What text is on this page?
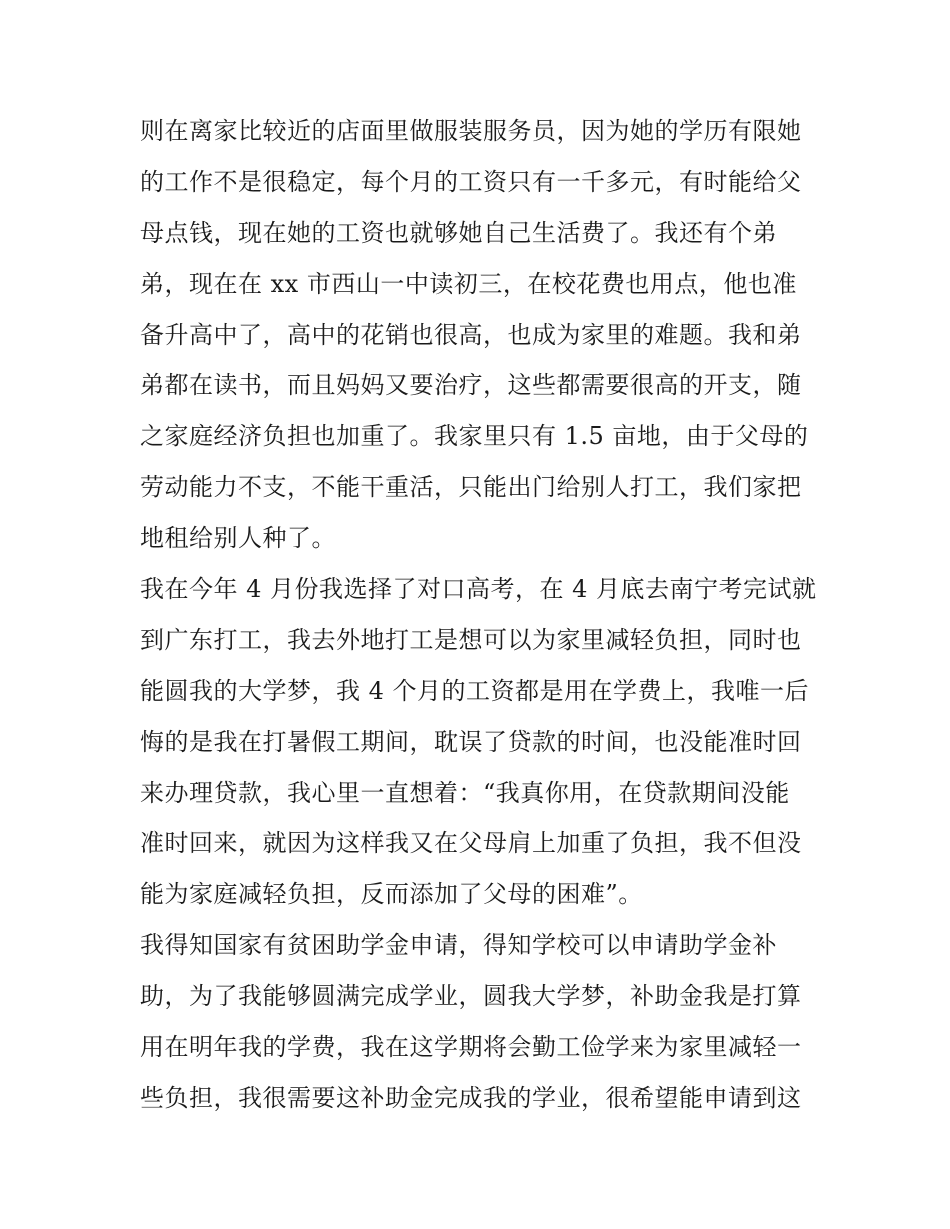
则在离家比较近的店面里做服装服务员，因为她的学历有限她
的工作不是很稳定，每个月的工资只有一千多元，有时能给父
母点钱，现在她的工资也就够她自己生活费了。我还有个弟
弟，现在在 xx 市西山一中读初三，在校花费也用点，他也准
备升高中了，高中的花销也很高，也成为家里的难题。我和弟
弟都在读书，而且妈妈又要治疗，这些都需要很高的开支，随
之家庭经济负担也加重了。我家里只有 1.5 亩地，由于父母的
劳动能力不支，不能干重活，只能出门给别人打工，我们家把
地租给别人种了。
我在今年 4 月份我选择了对口高考，在 4 月底去南宁考完试就
到广东打工，我去外地打工是想可以为家里减轻负担，同时也
能圆我的大学梦，我 4 个月的工资都是用在学费上，我唯一后
悔的是我在打暑假工期间，耽误了贷款的时间，也没能准时回
来办理贷款，我心里一直想着：“我真你用，在贷款期间没能
准时回来，就因为这样我又在父母肩上加重了负担，我不但没
能为家庭减轻负担，反而添加了父母的困难”。
我得知国家有贫困助学金申请，得知学校可以申请助学金补
助，为了我能够圆满完成学业，圆我大学梦，补助金我是打算
用在明年我的学费，我在这学期将会勤工俭学来为家里减轻一
些负担，我很需要这补助金完成我的学业，很希望能申请到这
